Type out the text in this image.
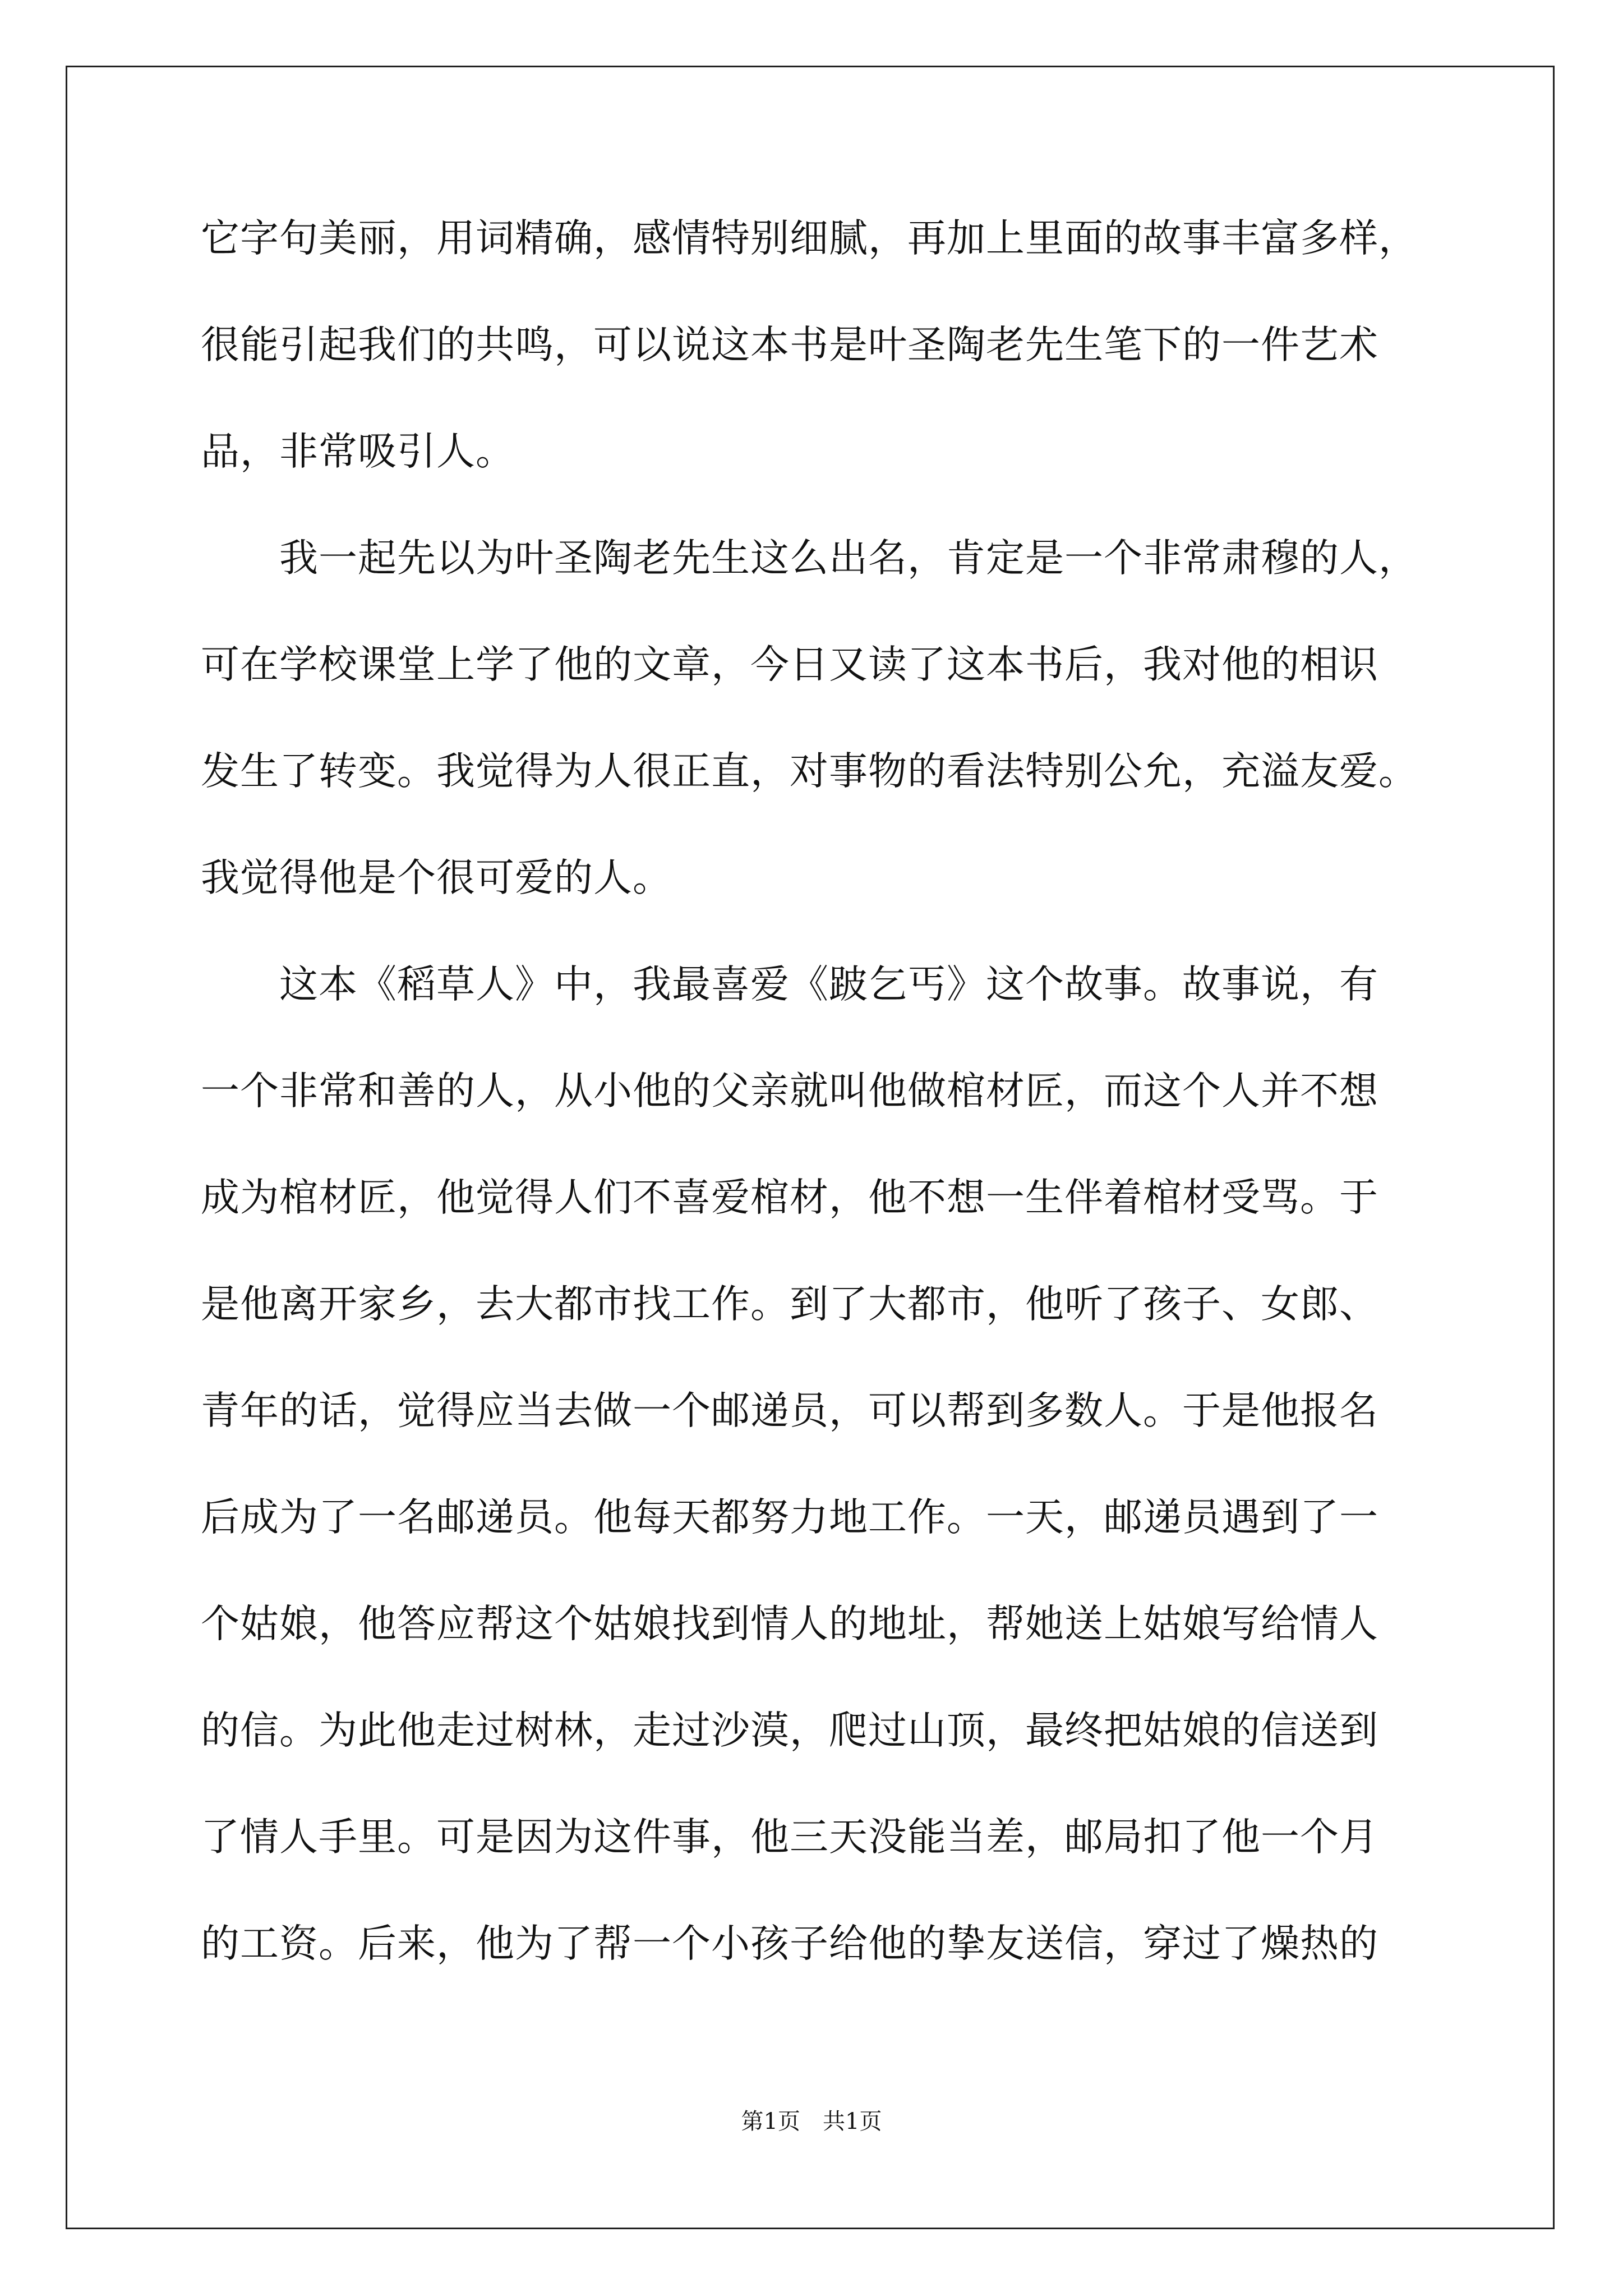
它字句美丽，用词精确，感情特别细腻，再加上里面的故事丰富多样，
很能引起我们的共鸣，可以说这本书是叶圣陶老先生笔下的一件艺术
品，非常吸引人。
　　我一起先以为叶圣陶老先生这么出名，肯定是一个非常肃穆的人，
可在学校课堂上学了他的文章，今日又读了这本书后，我对他的相识
发生了转变。我觉得为人很正直，对事物的看法特别公允，充溢友爱。
我觉得他是个很可爱的人。
　　这本《稻草人》中，我最喜爱《跛乞丐》这个故事。故事说，有
一个非常和善的人，从小他的父亲就叫他做棺材匠，而这个人并不想
成为棺材匠，他觉得人们不喜爱棺材，他不想一生伴着棺材受骂。于
是他离开家乡，去大都市找工作。到了大都市，他听了孩子、女郎、
青年的话，觉得应当去做一个邮递员，可以帮到多数人。于是他报名
后成为了一名邮递员。他每天都努力地工作。一天，邮递员遇到了一
个姑娘，他答应帮这个姑娘找到情人的地址，帮她送上姑娘写给情人
的信。为此他走过树林，走过沙漠，爬过山顶，最终把姑娘的信送到
了情人手里。可是因为这件事，他三天没能当差，邮局扣了他一个月
的工资。后来，他为了帮一个小孩子给他的挚友送信，穿过了燥热的
第1页　共1页
